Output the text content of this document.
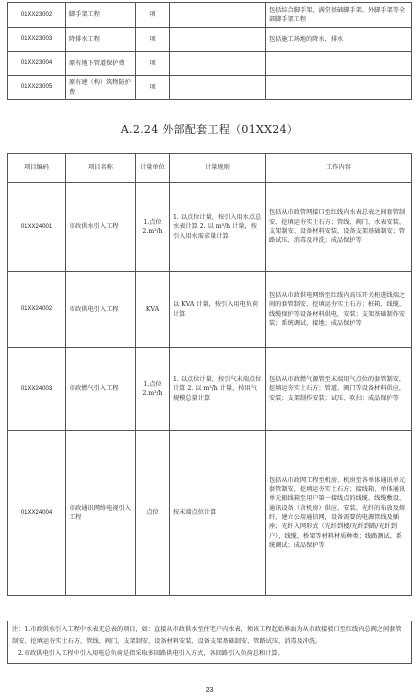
01XX23002	脚手架工程	项		包括综合脚手架、满堂基础脚手架、外脚手架等全部脚手架工程
01XX23003	降排水工程	项		包括施工场地的降水、排水
01XX23004	原有地下管道保护费	项		
01XX23005	原有建（构）筑物防护费	项		
A.2.24 外部配套工程（01XX24）
项目编码	项目名称	计量单位	计量规则	工作内容
01XX24001	市政供水引入工程	1.点位 2.m³/h	1. 以点位计量，按引入用水点总水表计算 2. 以 m³/h 计量，按引入用水需求量计算	包括从市政管网接口至红线内水表总表之间套管制安、挖填运夯实土石方；管线、阀门、水表安装、支架制安、设备材料安装、设备支架基础制安；管路试压、消毒及冲洗；成品保护等
01XX24002	市政供电引入工程	KVA	以 KVA 计量，按引入用电负荷计算	包括从市政供电网络至红线内高压开关柜进线端之间的套管制安、挖填运夯实土石方；桩箱、线缆、线缆保护等设备材料供电，安装；支架基础制作安装；系统调试、接地；成品保护等
01XX24003	市政燃气引入工程	1.点位 2.m³/h	1. 以点位计量，按引气末端点位计算 2. 以 m³/h 计量，按用气规模总量计算	包括从市政燃气源管至末端用气点位的套管制安，挖填运夯实土石方；管道、阀门等设备材料供应，安装；支架制作安装；试压、吹扫；成品保护等
01XX24004	市政通讯网络电视引入工程	点位	按末端点位计算	包括从市政网工程至机房、机房至各单体通讯单元套管制安，挖填运夯实土石方；接线箱、单体通讯单元振线箱至用户第一接线点的线缆、线缆敷设、通讯设备（含机房）供应、安装、光纤的布放及熔纤，建立公用通信网，设备需要的电源管线及插座；光纤入网形式（光纤到楼/光纤到路/光纤到户），线缆、桥架等材料材质种类；线路测试、系统调试；成品保护等

注：1.市政供水引入工程中水表无总表的项目，如：直接从市政供水至住宅户内水表，须该工程起始界面为从市政接驳口至红线内总阀之间套管制安、挖填运夯实土石方、管线、阀门、支架制安、设备材料安装、设备支架基础制安、管路试压、消毒及冲洗。

2.市政供电引入工程中引入用电总负荷是指采取多回路供电引入方式，各回路引入负荷总和计算。

23
